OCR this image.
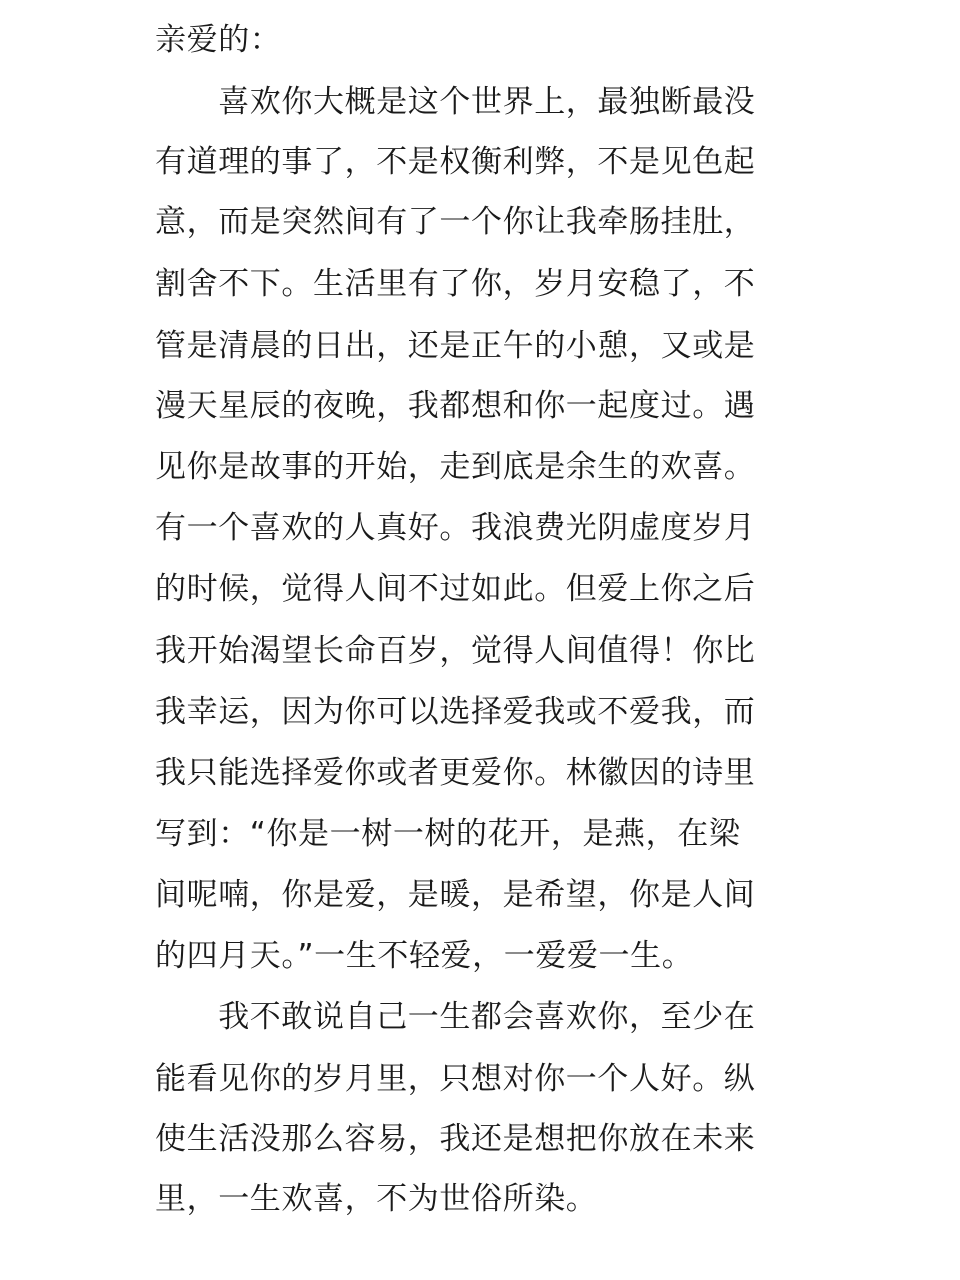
亲爱的：
　　喜欢你大概是这个世界上，最独断最没
有道理的事了，不是权衡利弊，不是见色起
意，而是突然间有了一个你让我牵肠挂肚，
割舍不下。生活里有了你，岁月安稳了，不
管是清晨的日出，还是正午的小憩，又或是
漫天星辰的夜晚，我都想和你一起度过。遇
见你是故事的开始，走到底是余生的欢喜。
有一个喜欢的人真好。我浪费光阴虚度岁月
的时候，觉得人间不过如此。但爱上你之后
我开始渴望长命百岁，觉得人间值得！你比
我幸运，因为你可以选择爱我或不爱我，而
我只能选择爱你或者更爱你。林徽因的诗里
写到：“你是一树一树的花开，是燕，在梁
间呢喃，你是爱，是暖，是希望，你是人间
的四月天。”一生不轻爱，一爱爱一生。
　　我不敢说自己一生都会喜欢你，至少在
能看见你的岁月里，只想对你一个人好。纵
使生活没那么容易，我还是想把你放在未来
里，一生欢喜，不为世俗所染。
